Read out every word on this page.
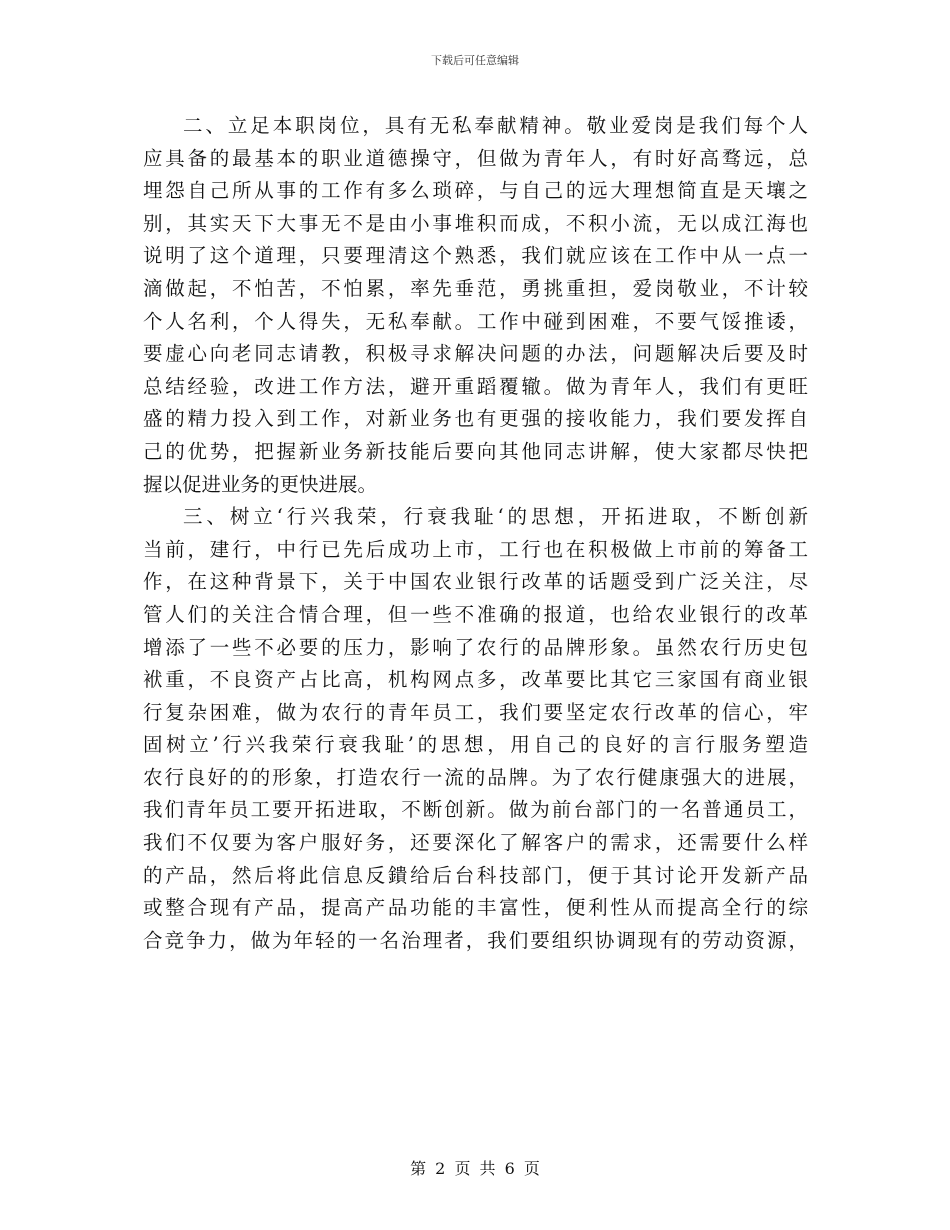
下载后可任意编辑
二、立足本职岗位，具有无私奉献精神。敬业爱岗是我们每个人
应具备的最基本的职业道德操守，但做为青年人，有时好高骛远，总
埋怨自己所从事的工作有多么琐碎，与自己的远大理想简直是天壤之
别，其实天下大事无不是由小事堆积而成，不积小流，无以成江海也
说明了这个道理，只要理清这个熟悉，我们就应该在工作中从一点一
滴做起，不怕苦，不怕累，率先垂范，勇挑重担，爱岗敬业，不计较
个人名利，个人得失，无私奉献。工作中碰到困难，不要气馁推诿，
要虚心向老同志请教，积极寻求解决问题的办法，问题解决后要及时
总结经验，改进工作方法，避开重蹈覆辙。做为青年人，我们有更旺
盛的精力投入到工作，对新业务也有更强的接收能力，我们要发挥自
己的优势，把握新业务新技能后要向其他同志讲解，使大家都尽快把
握以促进业务的更快进展。
三、树立‘行兴我荣，行衰我耻‘的思想，开拓进取，不断创新
当前，建行，中行已先后成功上市，工行也在积极做上市前的筹备工
作，在这种背景下，关于中国农业银行改革的话题受到广泛关注，尽
管人们的关注合情合理，但一些不准确的报道，也给农业银行的改革
增添了一些不必要的压力，影响了农行的品牌形象。虽然农行历史包
袱重，不良资产占比高，机构网点多，改革要比其它三家国有商业银
行复杂困难，做为农行的青年员工，我们要坚定农行改革的信心，牢
固树立’行兴我荣行衰我耻’的思想，用自己的良好的言行服务塑造
农行良好的的形象，打造农行一流的品牌。为了农行健康强大的进展，
我们青年员工要开拓进取，不断创新。做为前台部门的一名普通员工，
我们不仅要为客户服好务，还要深化了解客户的需求，还需要什么样
的产品，然后将此信息反鐀给后台科技部门，便于其讨论开发新产品
或整合现有产品，提高产品功能的丰富性，便利性从而提高全行的综
合竞争力，做为年轻的一名治理者，我们要组织协调现有的劳动资源，
第 2 页 共 6 页
